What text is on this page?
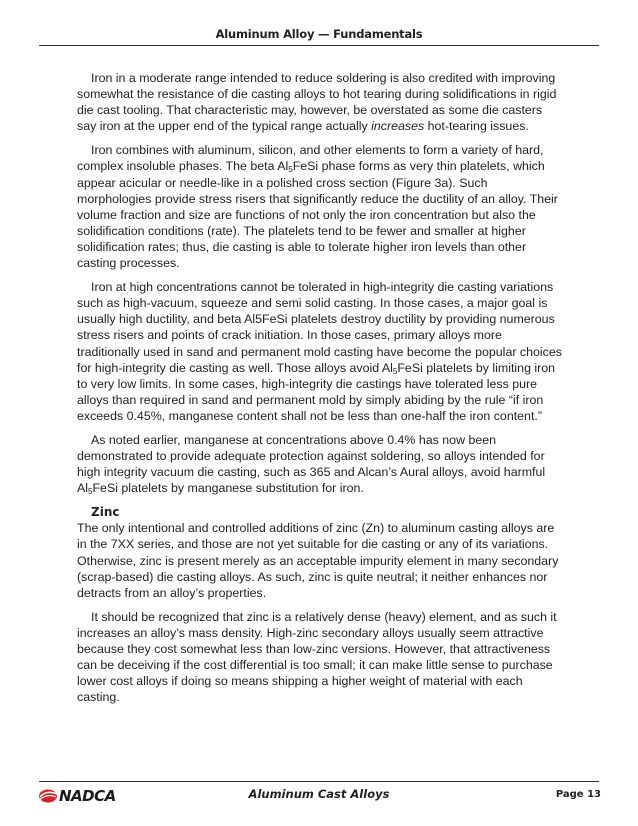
Aluminum Alloy — Fundamentals

Iron in a moderate range intended to reduce soldering is also credited with improving somewhat the resistance of die casting alloys to hot tearing during solidifications in rigid die cast tooling. That characteristic may, however, be overstated as some die casters say iron at the upper end of the typical range actually increases hot-tearing issues.

Iron combines with aluminum, silicon, and other elements to form a variety of hard, complex insoluble phases. The beta $Al_5FeSi$ phase forms as very thin platelets, which appear acicular or needle-like in a polished cross section (Figure 3a). Such morphologies provide stress risers that significantly reduce the ductility of an alloy. Their volume fraction and size are functions of not only the iron concentration but also the solidification conditions (rate). The platelets tend to be fewer and smaller at higher solidification rates; thus, die casting is able to tolerate higher iron levels than other casting processes.

Iron at high concentrations cannot be tolerated in high-integrity die casting variations such as high-vacuum, squeeze and semi solid casting. In those cases, a major goal is usually high ductility, and beta Al5FeSi platelets destroy ductility by providing numerous stress risers and points of crack initiation. In those cases, primary alloys more traditionally used in sand and permanent mold casting have become the popular choices for high-integrity die casting as well. Those alloys avoid $Al_5FeSi$ platelets by limiting iron to very low limits. In some cases, high-integrity die castings have tolerated less pure alloys than required in sand and permanent mold by simply abiding by the rule “if iron exceeds 0.45%, manganese content shall not be less than one-half the iron content.”

As noted earlier, manganese at concentrations above 0.4% has now been demonstrated to provide adequate protection against soldering, so alloys intended for high integrity vacuum die casting, such as 365 and Alcan’s Aural alloys, avoid harmful $Al_5FeSi$ platelets by manganese substitution for iron.

Zinc

The only intentional and controlled additions of zinc (Zn) to aluminum casting alloys are in the 7XX series, and those are not yet suitable for die casting or any of its variations. Otherwise, zinc is present merely as an acceptable impurity element in many secondary (scrap-based) die casting alloys. As such, zinc is quite neutral; it neither enhances nor detracts from an alloy’s properties.

It should be recognized that zinc is a relatively dense (heavy) element, and as such it increases an alloy’s mass density. High-zinc secondary alloys usually seem attractive because they cost somewhat less than low-zinc versions. However, that attractiveness can be deceiving if the cost differential is too small; it can make little sense to purchase lower cost alloys if doing so means shipping a higher weight of material with each casting.

NADCA	Aluminum Cast Alloys	Page 13
